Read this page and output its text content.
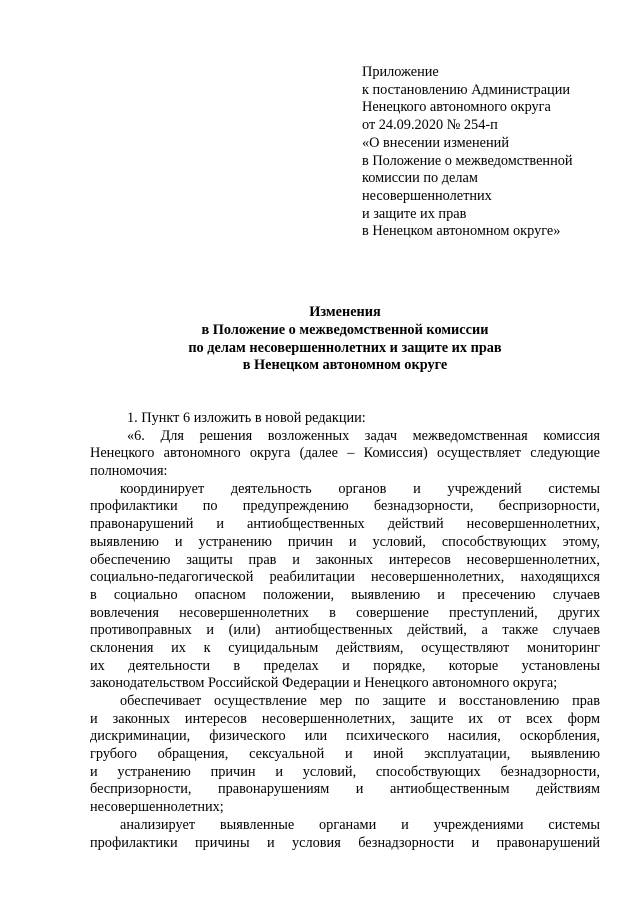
Приложение
к постановлению Администрации
Ненецкого автономного округа
от 24.09.2020 № 254-п
«О внесении изменений
в Положение о межведомственной
комиссии по делам
несовершеннолетних
и защите их прав
в Ненецком автономном округе»
Изменения
в Положение о межведомственной комиссии
по делам несовершеннолетних и защите их прав
в Ненецком автономном округе
1. Пункт 6 изложить в новой редакции:
«6. Для решения возложенных задач межведомственная комиссия
Ненецкого автономного округа (далее – Комиссия) осуществляет следующие
полномочия:
координирует деятельность органов и учреждений системы
профилактики по предупреждению безнадзорности, беспризорности,
правонарушений и антиобщественных действий несовершеннолетних,
выявлению и устранению причин и условий, способствующих этому,
обеспечению защиты прав и законных интересов несовершеннолетних,
социально-педагогической реабилитации несовершеннолетних, находящихся
в социально опасном положении, выявлению и пресечению случаев
вовлечения несовершеннолетних в совершение преступлений, других
противоправных и (или) антиобщественных действий, а также случаев
склонения их к суицидальным действиям, осуществляют мониторинг
их деятельности в пределах и порядке, которые установлены
законодательством Российской Федерации и Ненецкого автономного округа;
обеспечивает осуществление мер по защите и восстановлению прав
и законных интересов несовершеннолетних, защите их от всех форм
дискриминации, физического или психического насилия, оскорбления,
грубого обращения, сексуальной и иной эксплуатации, выявлению
и устранению причин и условий, способствующих безнадзорности,
беспризорности, правонарушениям и антиобщественным действиям
несовершеннолетних;
анализирует выявленные органами и учреждениями системы
профилактики причины и условия безнадзорности и правонарушений
